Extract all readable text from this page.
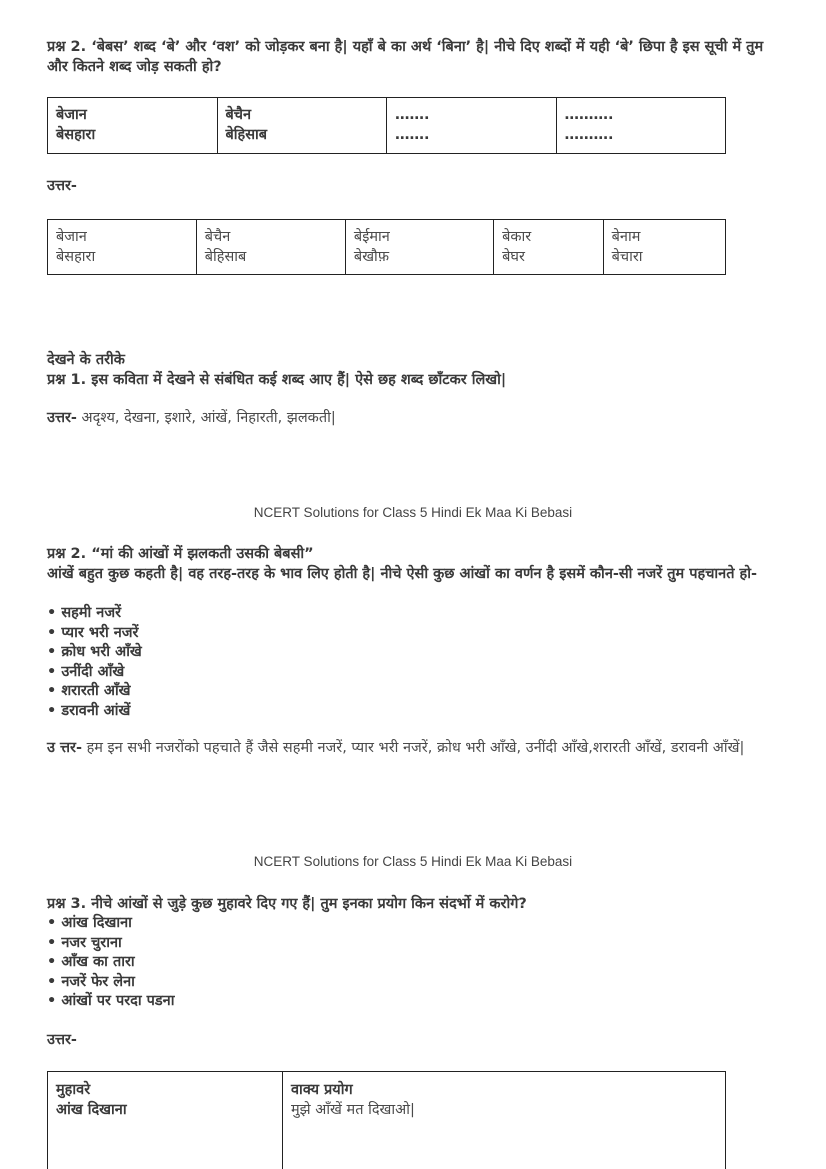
प्रश्न 2. ‘बेबस’ शब्द ‘बे’ और ‘वश’ को जोड़कर बना है| यहाँ बे का अर्थ ‘बिना’ है| नीचे दिए शब्दों में यही ‘बे’ छिपा है इस सूची में तुम और कितने शब्द जोड़ सकती हो?
बेजान
बेसहारा

बेचैन
बेहिसाब

…….
…….

……….
……….
उत्तर-
बेजान
बेसहारा

बेचैन
बेहिसाब

बेईमान
बेखौफ़

बेकार
बेघर

बेनाम
बेचारा
देखने के तरीके
प्रश्न 1. इस कविता में देखने से संबंधित कई शब्द आए हैं| ऐसे छह शब्द छाँटकर लिखो|
उत्तर- अदृश्य, देखना, इशारे, आंखें, निहारती, झलकती|
NCERT Solutions for Class 5 Hindi Ek Maa Ki Bebasi
प्रश्न 2. “मां की आंखों में झलकती उसकी बेबसी”
आंखें बहुत कुछ कहती है| वह तरह-तरह के भाव लिए होती है| नीचे ऐसी कुछ आंखों का वर्णन है इसमें कौन-सी नजरें तुम पहचानते हो-
• सहमी नजरें
• प्यार भरी नजरें
• क्रोध भरी आँखे
• उनींदी आँखे
• शरारती आँखे
• डरावनी आंखें
उ त्तर- हम इन सभी नजरोंको पहचाते हैं जैसे सहमी नजरें, प्यार भरी नजरें, क्रोध भरी आँखे, उनींदी आँखे,शरारती आँखें, डरावनी आँखें|
NCERT Solutions for Class 5 Hindi Ek Maa Ki Bebasi
प्रश्न 3. नीचे आंखों से जुड़े कुछ मुहावरे दिए गए हैं| तुम इनका प्रयोग किन संदर्भो में करोगे?
• आंख दिखाना
• नजर चुराना
• आँख का तारा
• नजरें फेर लेना
• आंखों पर परदा पडना
उत्तर-
मुहावरे
आंख दिखाना

वाक्य प्रयोग
मुझे आँखें मत दिखाओ|
